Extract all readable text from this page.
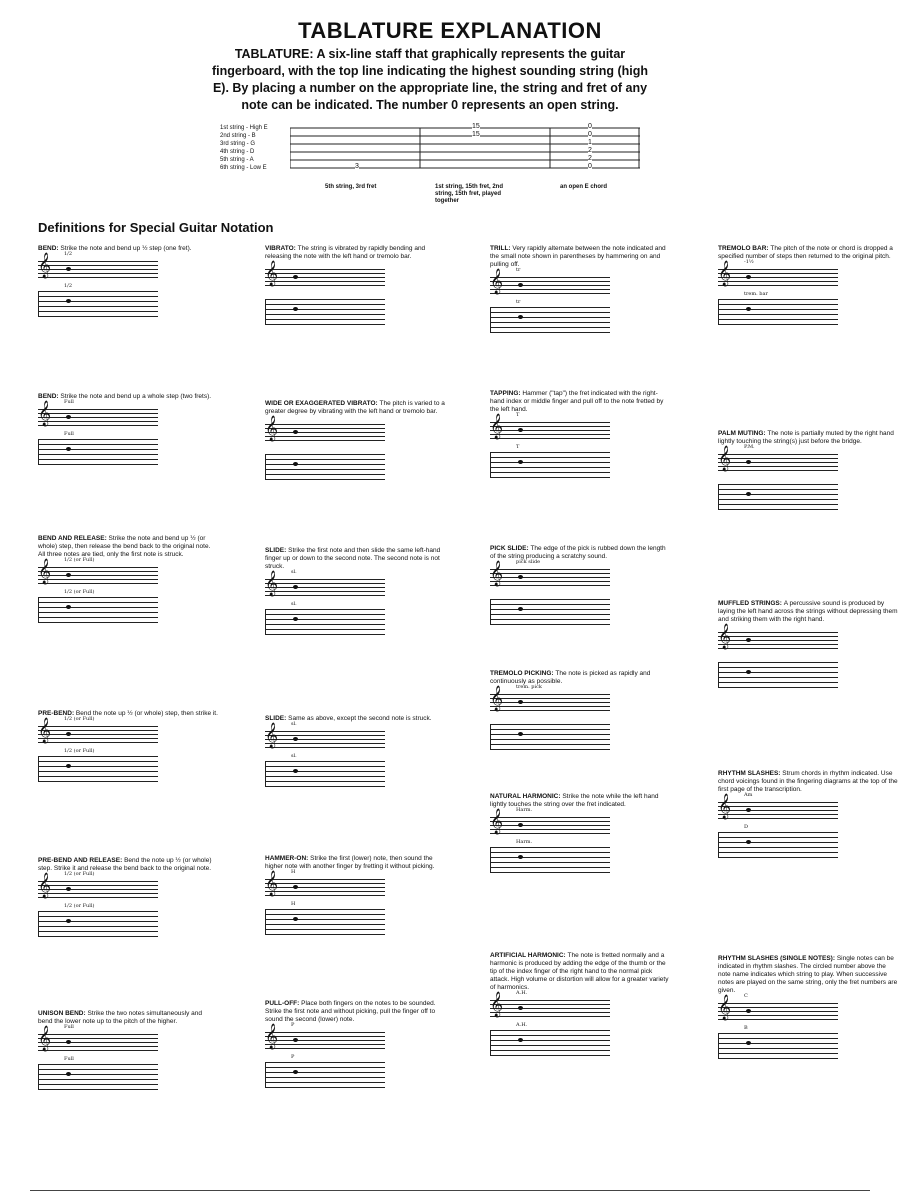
TABLATURE EXPLANATION
TABLATURE: A six-line staff that graphically represents the guitar fingerboard, with the top line indicating the highest sounding string (high E). By placing a number on the appropriate line, the string and fret of any note can be indicated. The number 0 represents an open string.
1st string - High E
2nd string - B
3rd string - G
4th string - D
5th string - A
6th string - Low E	3
15
15
0
0
1
2
2
0
5th string, 3rd fret	1st string, 15th fret, 2nd string, 15th fret, played together
an open E chord
Definitions for Special Guitar Notation
BEND: Strike the note and bend up ½ step (one fret).
𝄞	1/2
1/2
BEND: Strike the note and bend up a whole step (two frets).
𝄞	Full
Full
BEND AND RELEASE: Strike the note and bend up ½ (or whole) step, then release the bend back to the original note. All three notes are tied, only the first note is struck.
𝄞	1/2 (or Full)
1/2 (or Full)
PRE-BEND: Bend the note up ½ (or whole) step, then strike it.
𝄞	1/2 (or Full)
1/2 (or Full)
PRE-BEND AND RELEASE: Bend the note up ½ (or whole) step. Strike it and release the bend back to the original note.
𝄞	1/2 (or Full)
1/2 (or Full)
UNISON BEND: Strike the two notes simultaneously and bend the lower note up to the pitch of the higher.
𝄞	Full
Full
VIBRATO: The string is vibrated by rapidly bending and releasing the note with the left hand or tremolo bar.
𝄞
WIDE OR EXAGGERATED VIBRATO: The pitch is varied to a greater degree by vibrating with the left hand or tremolo bar.
𝄞
SLIDE: Strike the first note and then slide the same left-hand finger up or down to the second note. The second note is not struck.
𝄞	sl.
sl.
SLIDE: Same as above, except the second note is struck.
𝄞	sl.
sl.
HAMMER-ON: Strike the first (lower) note, then sound the higher note with another finger by fretting it without picking.
𝄞	H
H
PULL-OFF: Place both fingers on the notes to be sounded. Strike the first note and without picking, pull the finger off to sound the second (lower) note.
𝄞	P
P
TRILL: Very rapidly alternate between the note indicated and the small note shown in parentheses by hammering on and pulling off.
𝄞	tr
tr
TAPPING: Hammer ("tap") the fret indicated with the right-hand index or middle finger and pull off to the note fretted by the left hand.
𝄞	T
T
PICK SLIDE: The edge of the pick is rubbed down the length of the string producing a scratchy sound.
𝄞	pick slide
TREMOLO PICKING: The note is picked as rapidly and continuously as possible.
𝄞	trem. pick
NATURAL HARMONIC: Strike the note while the left hand lightly touches the string over the fret indicated.
𝄞	Harm.
Harm.
ARTIFICIAL HARMONIC: The note is fretted normally and a harmonic is produced by adding the edge of the thumb or the tip of the index finger of the right hand to the normal pick attack. High volume or distortion will allow for a greater variety of harmonics.
𝄞	A.H.
A.H.
TREMOLO BAR: The pitch of the note or chord is dropped a specified number of steps then returned to the original pitch.
𝄞	-1½
trem. bar
PALM MUTING: The note is partially muted by the right hand lightly touching the string(s) just before the bridge.
𝄞	P.M.
MUFFLED STRINGS: A percussive sound is produced by laying the left hand across the strings without depressing them and striking them with the right hand.
𝄞
RHYTHM SLASHES: Strum chords in rhythm indicated. Use chord voicings found in the fingering diagrams at the top of the first page of the transcription.
𝄞	Am
D
RHYTHM SLASHES (SINGLE NOTES): Single notes can be indicated in rhythm slashes. The circled number above the note name indicates which string to play. When successive notes are played on the same string, only the fret numbers are given.
𝄞	C
B
